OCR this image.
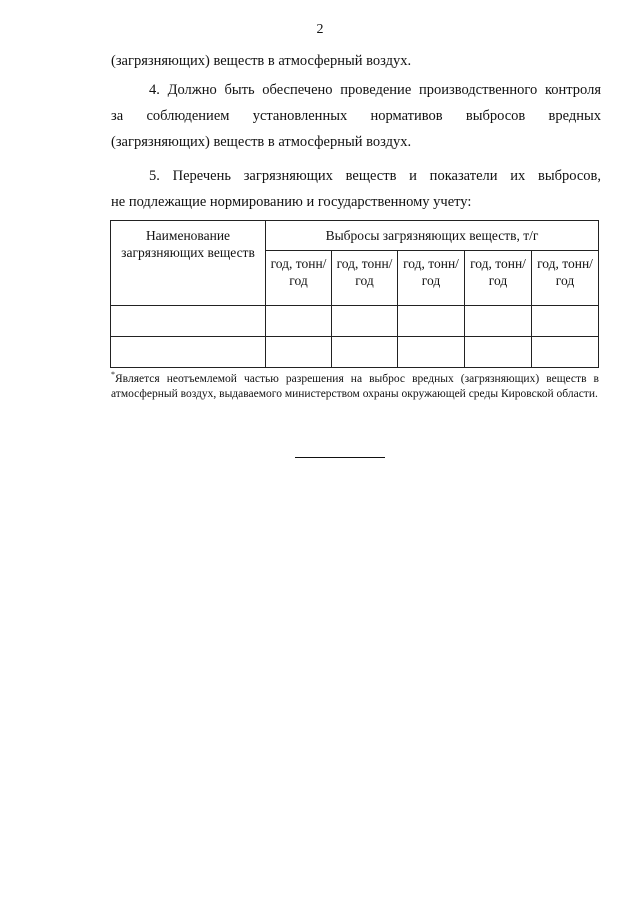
2

(загрязняющих) веществ в атмосферный воздух.

4. Должно быть обеспечено проведение производственного контроля
за соблюдением установленных нормативов выбросов вредных
(загрязняющих) веществ в атмосферный воздух.
5. Перечень загрязняющих веществ и показатели их выбросов,
не подлежащие нормированию и государственному учету:
Наименование загрязняющих веществ	Выбросы загрязняющих веществ, т/г				
	год, тонн/год	год, тонн/год	год, тонн/год	год, тонн/год	год, тонн/год

*Является неотъемлемой частью разрешения на выброс вредных (загрязняющих) веществ в атмосферный воздух, выдаваемого министерством охраны окружающей среды Кировской области.
